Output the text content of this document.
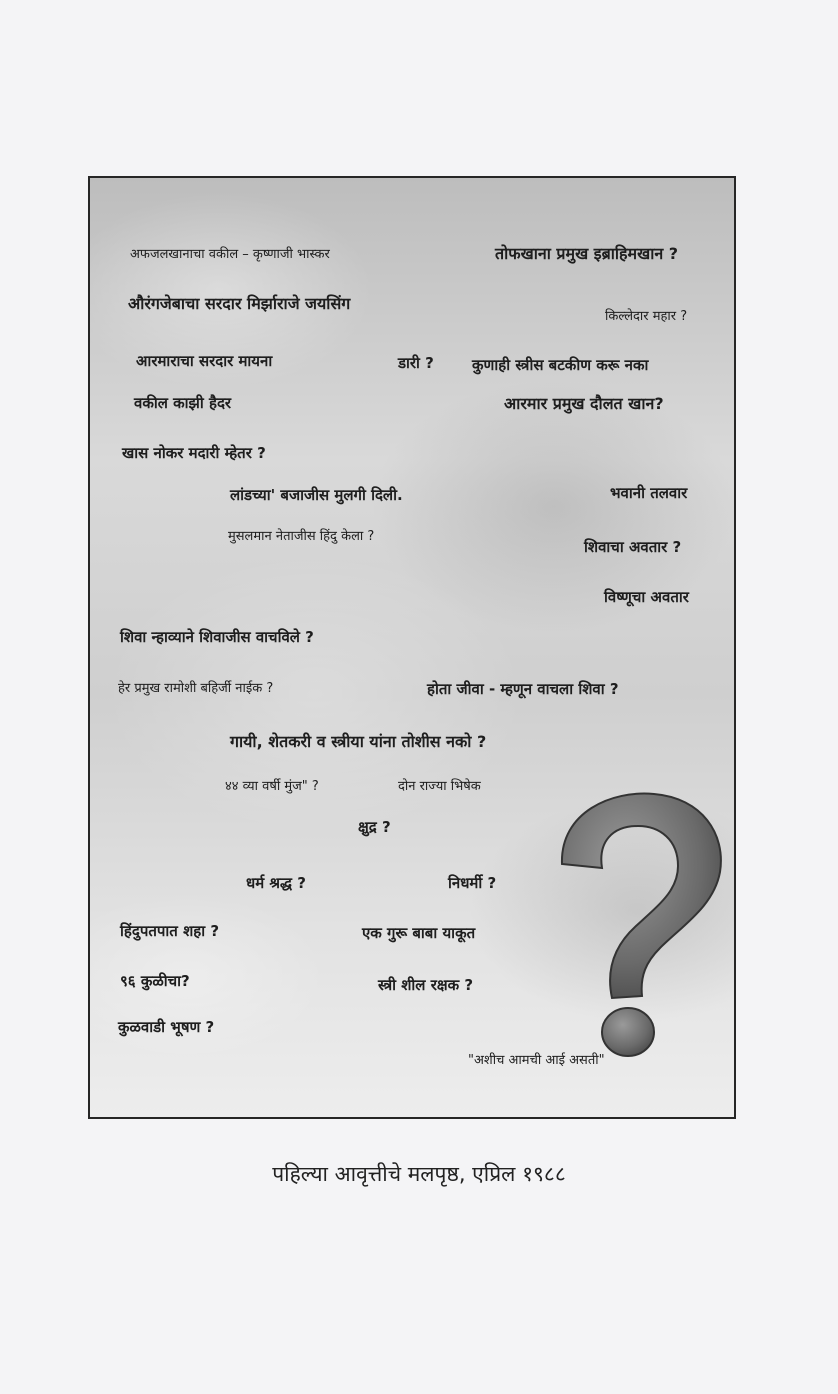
अफजलखानाचा वकील – कृष्णाजी भास्कर	तोफखाना प्रमुख इब्राहिमखान ?
औरंगजेबाचा सरदार मिर्झाराजे जयसिंग
किल्लेदार महार ?
आरमाराचा सरदार मायना	डारी ?	कुणाही स्त्रीस बटकीण करू नका
वकील काझी हैदर	आरमार प्रमुख दौलत खान?
खास नोकर मदारी म्हेतर ?
लांडच्या' बजाजीस मुलगी दिली.	भवानी तलवार
मुसलमान नेताजीस हिंदु केला ?
शिवाचा अवतार ?
विष्णूचा अवतार
शिवा न्हाव्याने शिवाजीस वाचविले ?
हेर प्रमुख रामोशी बहिर्जी नाईक ?	होता जीवा - म्हणून वाचला शिवा ?
गायी, शेतकरी व स्त्रीया यांना तोशीस नको ?
४४ व्या वर्षी मुंज" ?	दोन राज्या भिषेक
क्षुद्र ?
धर्म श्रद्ध ?	निधर्मी ?
हिंदुपतपात शहा ?	एक गुरू बाबा याकूत
९६ कुळीचा?	स्त्री शील रक्षक ?
कुळवाडी भूषण ?
"अशीच आमची आई असती"
पहिल्या आवृत्तीचे मलपृष्ठ, एप्रिल १९८८
